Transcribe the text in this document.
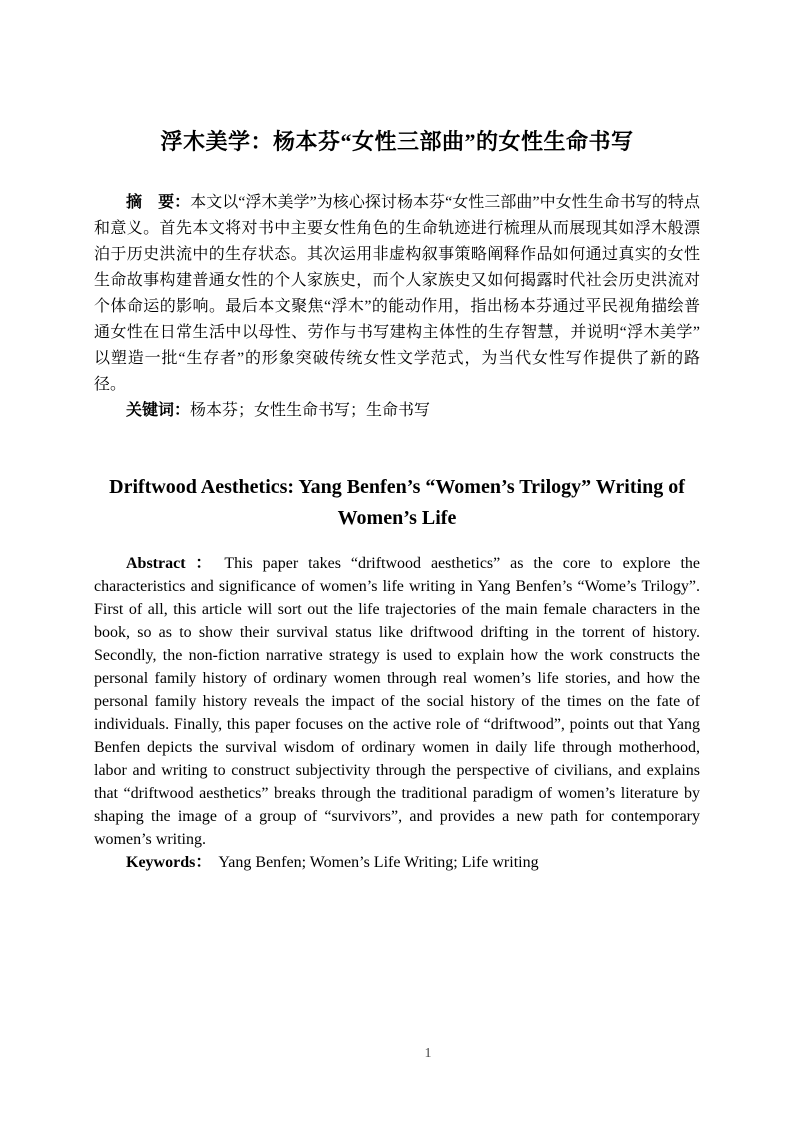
浮木美学：杨本芬“女性三部曲”的女性生命书写

摘　要：本文以“浮木美学”为核心探讨杨本芬“女性三部曲”中女性生命书写的特点和意义。首先本文将对书中主要女性角色的生命轨迹进行梳理从而展现其如浮木般漂泊于历史洪流中的生存状态。其次运用非虚构叙事策略阐释作品如何通过真实的女性生命故事构建普通女性的个人家族史，而个人家族史又如何揭露时代社会历史洪流对个体命运的影响。最后本文聚焦“浮木”的能动作用，指出杨本芬通过平民视角描绘普通女性在日常生活中以母性、劳作与书写建构主体性的生存智慧，并说明“浮木美学”以塑造一批“生存者”的形象突破传统女性文学范式，为当代女性写作提供了新的路径。

关键词：杨本芬；女性生命书写；生命书写

Driftwood Aesthetics: Yang Benfen’s “Women’s Trilogy” Writing of Women’s Life

Abstract ： This paper takes “driftwood aesthetics” as the core to explore the characteristics and significance of women’s life writing in Yang Benfen’s “Wome’s Trilogy”. First of all, this article will sort out the life trajectories of the main female characters in the book, so as to show their survival status like driftwood drifting in the torrent of history. Secondly, the non-fiction narrative strategy is used to explain how the work constructs the personal family history of ordinary women through real women’s life stories, and how the personal family history reveals the impact of the social history of the times on the fate of individuals. Finally, this paper focuses on the active role of “driftwood”, points out that Yang Benfen depicts the survival wisdom of ordinary women in daily life through motherhood, labor and writing to construct subjectivity through the perspective of civilians, and explains that “driftwood aesthetics” breaks through the traditional paradigm of women’s literature by shaping the image of a group of “survivors”, and provides a new path for contemporary women’s writing.

Keywords： Yang Benfen; Women’s Life Writing; Life writing

1
